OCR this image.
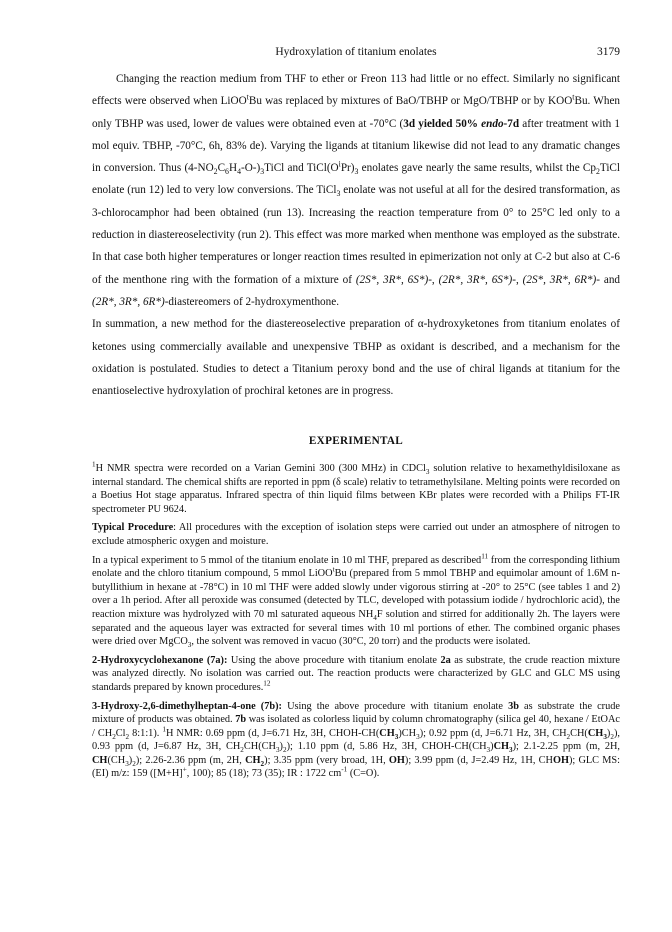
Hydroxylation of titanium enolates	3179

Changing the reaction medium from THF to ether or Freon 113 had little or no effect. Similarly no significant effects were observed when LiOO$^t$Bu was replaced by mixtures of BaO/TBHP or MgO/TBHP or by KOO$^t$Bu. When only TBHP was used, lower de values were obtained even at -70°C (3d yielded 50% endo-7d after treatment with 1 mol equiv. TBHP, -70°C, 6h, 83% de). Varying the ligands at titanium likewise did not lead to any dramatic changes in conversion. Thus $(4-NO_2C_6H_4-O-)_3TiCl$ and $TiCl(O^iPr)_3$ enolates gave nearly the same results, whilst the $Cp_2TiCl$ enolate (run 12) led to very low conversions. The TiCl$_3$ enolate was not useful at all for the desired transformation, as 3-chlorocamphor had been obtained (run 13). Increasing the reaction temperature from 0° to 25°C led only to a reduction in diastereoselectivity (run 2). This effect was more marked when menthone was employed as the substrate. In that case both higher temperatures or longer reaction times resulted in epimerization not only at C-2 but also at C-6 of the menthone ring with the formation of a mixture of (2S*, 3R*, 6S*)-, (2R*, 3R*, 6S*)-, (2S*, 3R*, 6R*)- and (2R*, 3R*, 6R*)-diastereomers of 2-hydroxymenthone.

In summation, a new method for the diastereoselective preparation of α-hydroxyketones from titanium enolates of ketones using commercially available and unexpensive TBHP as oxidant is described, and a mechanism for the oxidation is postulated. Studies to detect a Titanium peroxy bond and the use of chiral ligands at titanium for the enantioselective hydroxylation of prochiral ketones are in progress.

EXPERIMENTAL

$^1$H NMR spectra were recorded on a Varian Gemini 300 (300 MHz) in CDCl$_3$ solution relative to hexamethyldisiloxane as internal standard. The chemical shifts are reported in ppm (δ scale) relativ to tetramethylsilane. Melting points were recorded on a Boetius Hot stage apparatus. Infrared spectra of thin liquid films between KBr plates were recorded with a Philips FT-IR spectrometer PU 9624.

Typical Procedure: All procedures with the exception of isolation steps were carried out under an atmosphere of nitrogen to exclude atmospheric oxygen and moisture.

In a typical experiment to 5 mmol of the titanium enolate in 10 ml THF, prepared as described$^{11}$ from the corresponding lithium enolate and the chloro titanium compound, 5 mmol LiOO$^t$Bu (prepared from 5 mmol TBHP and equimolar amount of 1.6M n-butyllithium in hexane at -78°C) in 10 ml THF were added slowly under vigorous stirring at -20° to 25°C (see tables 1 and 2) over a 1h period. After all peroxide was consumed (detected by TLC, developed with potassium iodide / hydrochloric acid), the reaction mixture was hydrolyzed with 70 ml saturated aqueous $NH_4F$ solution and stirred for additionally 2h. The layers were separated and the aqueous layer was extracted for several times with 10 ml portions of ether. The combined organic phases were dried over MgCO$_3$, the solvent was removed in vacuo (30°C, 20 torr) and the products were isolated.

2-Hydroxycyclohexanone (7a): Using the above procedure with titanium enolate 2a as substrate, the crude reaction mixture was analyzed directly. No isolation was carried out. The reaction products were characterized by GLC and GLC MS using standards prepared by known procedures.$^{12}$

3-Hydroxy-2,6-dimethylheptan-4-one (7b): Using the above procedure with titanium enolate 3b as substrate the crude mixture of products was obtained. 7b was isolated as colorless liquid by column chromatography (silica gel 40, hexane / EtOAc / $CH_2Cl_2$ 8:1:1). $^1$H NMR: 0.69 ppm (d, J=6.71 Hz, 3H, CHOH-$CH(CH_3)CH_3$); 0.92 ppm (d, J=6.71 Hz, 3H, $CH_2CH(CH_3)_2$), 0.93 ppm (d, J=6.87 Hz, 3H, $CH_2CH(CH_3)_2$); 1.10 ppm (d, 5.86 Hz, 3H, CHOH-$CH(CH_3)CH_3$); 2.1-2.25 ppm (m, 2H, $CH(CH_3)_2$); 2.26-2.36 ppm (m, 2H, $CH_2$); 3.35 ppm (very broad, 1H, OH); 3.99 ppm (d, J=2.49 Hz, 1H, CHOH); GLC MS: (EI) m/z: 159 ([M+H]+, 100); 85 (18); 73 (35); IR : 1722 $cm^{-1}$ (C=O).
